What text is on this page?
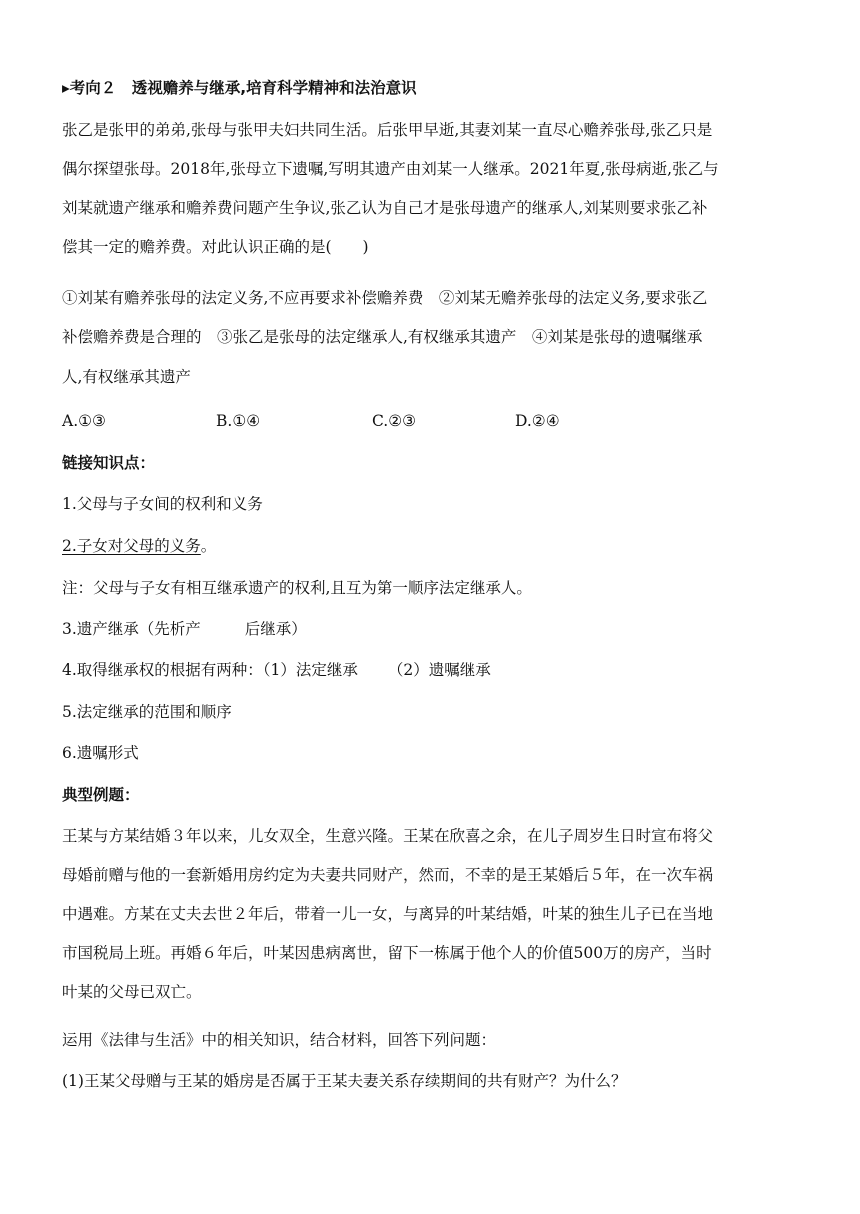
▸考向２　透视赡养与继承,培育科学精神和法治意识

张乙是张甲的弟弟,张母与张甲夫妇共同生活。后张甲早逝,其妻刘某一直尽心赡养张母,张乙只是

偶尔探望张母。2018年,张母立下遗嘱,写明其遗产由刘某一人继承。2021年夏,张母病逝,张乙与

刘某就遗产继承和赡养费问题产生争议,张乙认为自己才是张母遗产的继承人,刘某则要求张乙补

偿其一定的赡养费。对此认识正确的是(　　)

①刘某有赡养张母的法定义务,不应再要求补偿赡养费　②刘某无赡养张母的法定义务,要求张乙

补偿赡养费是合理的　③张乙是张母的法定继承人,有权继承其遗产　④刘某是张母的遗嘱继承

人,有权继承其遗产

A.①③	B.①④	C.②③	D.②④

链接知识点：

1.父母与子女间的权利和义务

2.子女对父母的义务。

注：父母与子女有相互继承遗产的权利,且互为第一顺序法定继承人。

3.遗产继承（先析产	后继承）

4.取得继承权的根据有两种：（1）法定继承 （2）遗嘱继承

5.法定继承的范围和顺序

6.遗嘱形式

典型例题：

王某与方某结婚３年以来，儿女双全，生意兴隆。王某在欣喜之余，在儿子周岁生日时宣布将父

母婚前赠与他的一套新婚用房约定为夫妻共同财产，然而，不幸的是王某婚后５年，在一次车祸

中遇难。方某在丈夫去世２年后，带着一儿一女，与离异的叶某结婚，叶某的独生儿子已在当地

市国税局上班。再婚６年后，叶某因患病离世，留下一栋属于他个人的价值500万的房产，当时

叶某的父母已双亡。

运用《法律与生活》中的相关知识，结合材料，回答下列问题：

(1)王某父母赠与王某的婚房是否属于王某夫妻关系存续期间的共有财产？为什么？
